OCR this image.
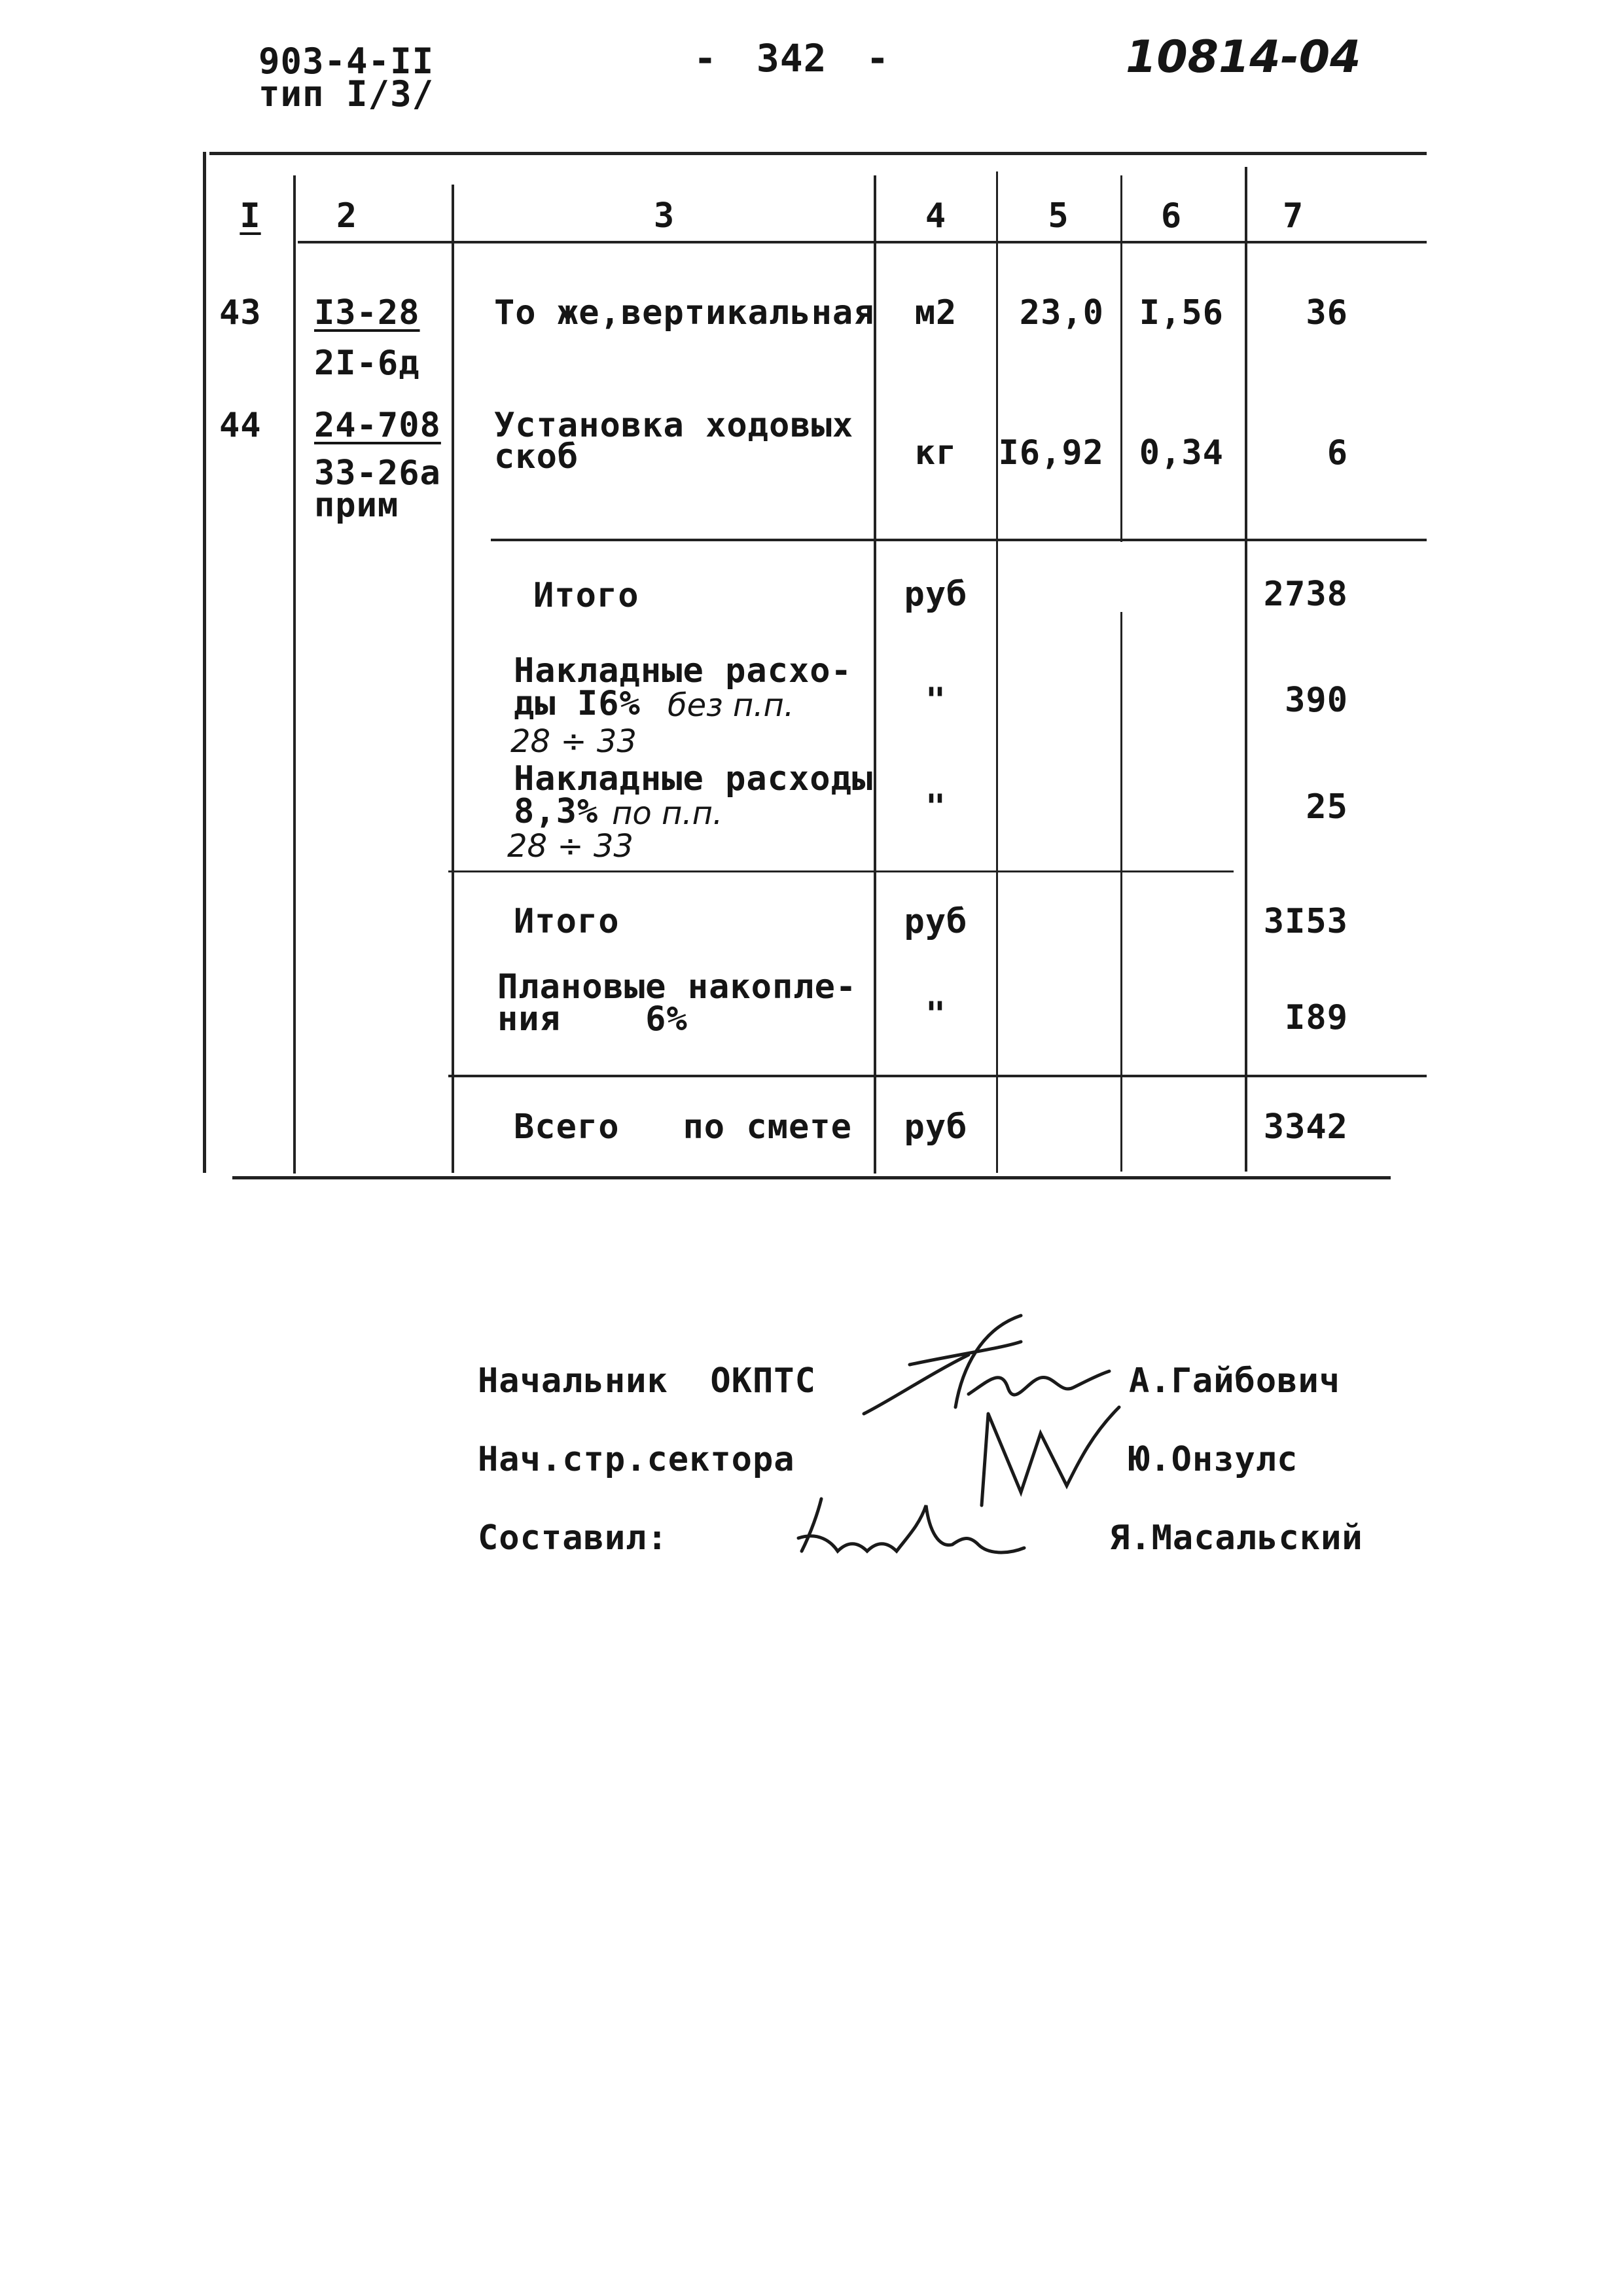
903-4-II
тип I/3/
- 342 -	10814-04
I	2	3	4	5	6	7
43 I3-28
2I-6д
То же,вертикальная	м2	23,0	I,56	36
44 24-708
33-26а
прим
Установка ходовых
скоб	кг	I6,92	0,34	6
Итого	руб	2738
Накладные расхо-
ды I6% без п.п.
28 ÷ 33
"	390
Накладные расходы
8,3% по п.п.
28 ÷ 33
"	25
Итого	руб	3I53
Плановые накопле-
ния    6%	"	I89
Всего   по смете	руб	3342
Начальник  ОКПТС	А.Гайбович
Нач.стр.сектора	Ю.Онзулс
Составил:	Я.Масальский
